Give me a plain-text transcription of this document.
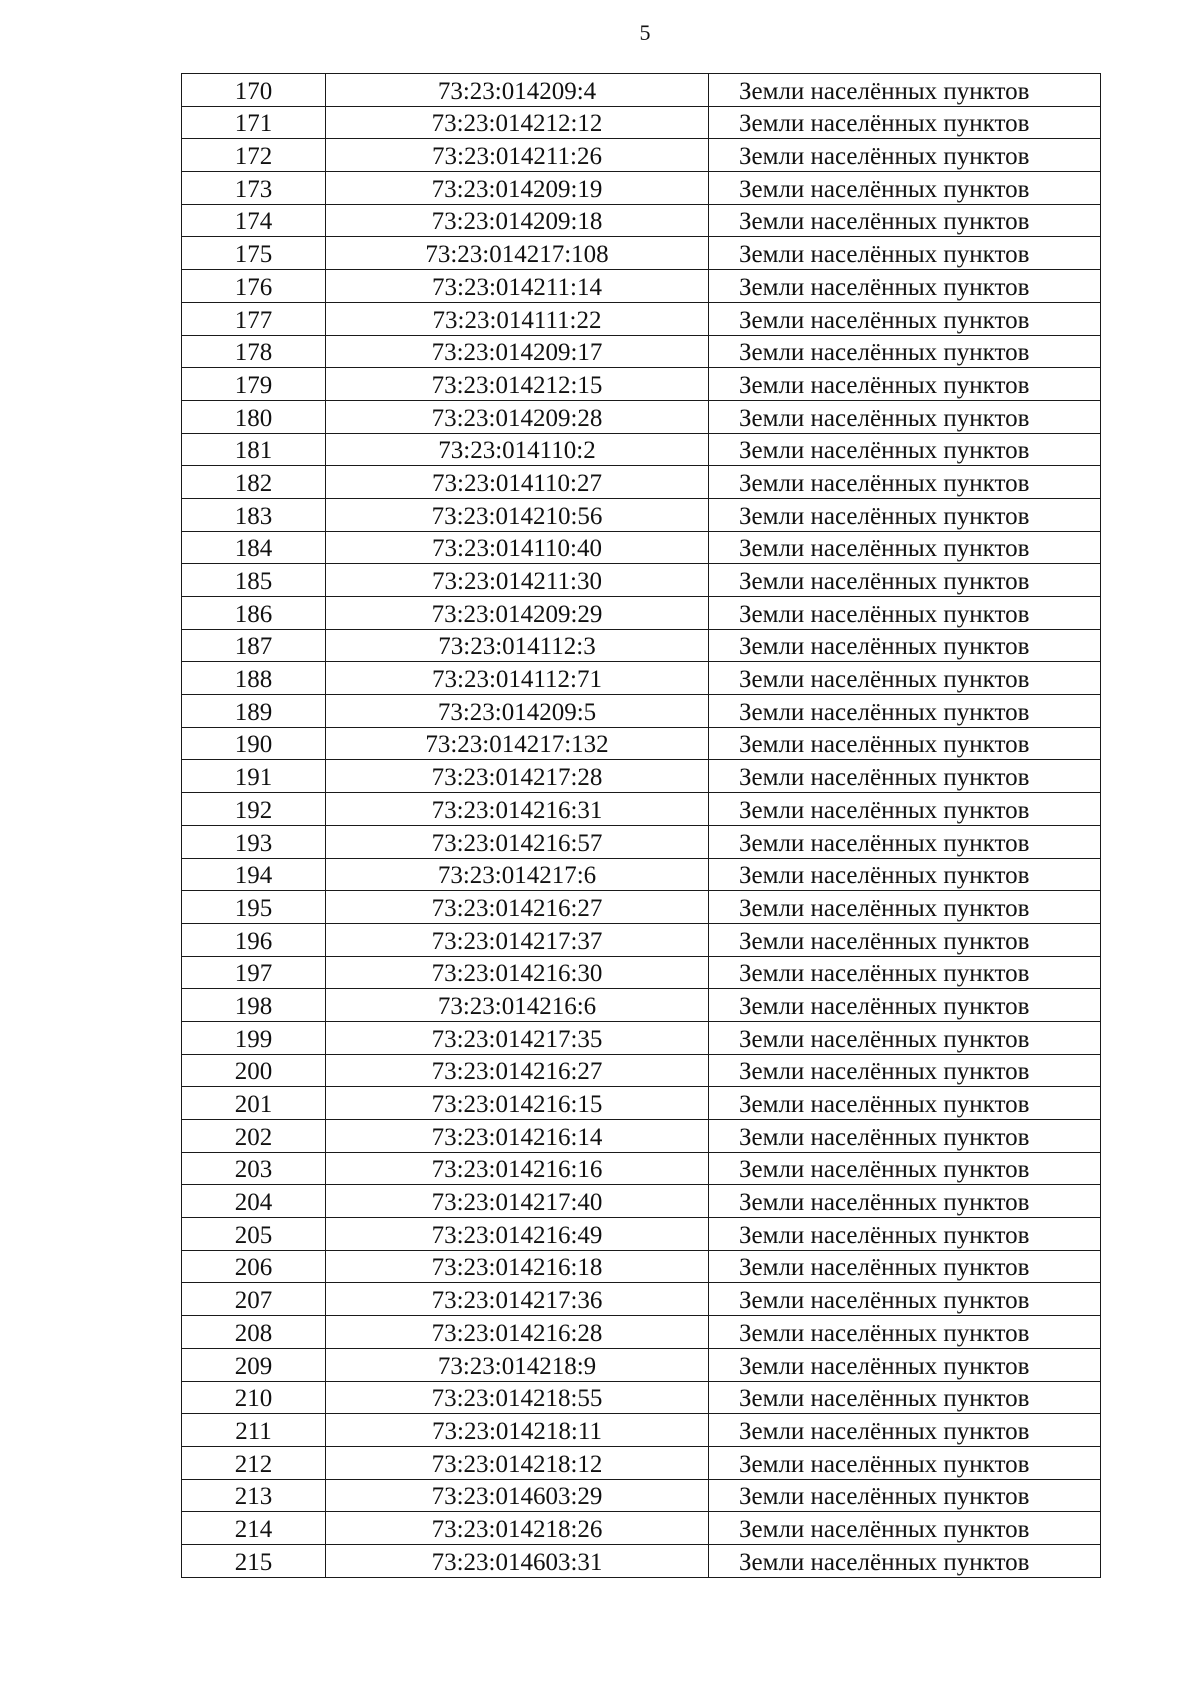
5
170	73:23:014209:4	Земли населённых пунктов
171	73:23:014212:12	Земли населённых пунктов
172	73:23:014211:26	Земли населённых пунктов
173	73:23:014209:19	Земли населённых пунктов
174	73:23:014209:18	Земли населённых пунктов
175	73:23:014217:108	Земли населённых пунктов
176	73:23:014211:14	Земли населённых пунктов
177	73:23:014111:22	Земли населённых пунктов
178	73:23:014209:17	Земли населённых пунктов
179	73:23:014212:15	Земли населённых пунктов
180	73:23:014209:28	Земли населённых пунктов
181	73:23:014110:2	Земли населённых пунктов
182	73:23:014110:27	Земли населённых пунктов
183	73:23:014210:56	Земли населённых пунктов
184	73:23:014110:40	Земли населённых пунктов
185	73:23:014211:30	Земли населённых пунктов
186	73:23:014209:29	Земли населённых пунктов
187	73:23:014112:3	Земли населённых пунктов
188	73:23:014112:71	Земли населённых пунктов
189	73:23:014209:5	Земли населённых пунктов
190	73:23:014217:132	Земли населённых пунктов
191	73:23:014217:28	Земли населённых пунктов
192	73:23:014216:31	Земли населённых пунктов
193	73:23:014216:57	Земли населённых пунктов
194	73:23:014217:6	Земли населённых пунктов
195	73:23:014216:27	Земли населённых пунктов
196	73:23:014217:37	Земли населённых пунктов
197	73:23:014216:30	Земли населённых пунктов
198	73:23:014216:6	Земли населённых пунктов
199	73:23:014217:35	Земли населённых пунктов
200	73:23:014216:27	Земли населённых пунктов
201	73:23:014216:15	Земли населённых пунктов
202	73:23:014216:14	Земли населённых пунктов
203	73:23:014216:16	Земли населённых пунктов
204	73:23:014217:40	Земли населённых пунктов
205	73:23:014216:49	Земли населённых пунктов
206	73:23:014216:18	Земли населённых пунктов
207	73:23:014217:36	Земли населённых пунктов
208	73:23:014216:28	Земли населённых пунктов
209	73:23:014218:9	Земли населённых пунктов
210	73:23:014218:55	Земли населённых пунктов
211	73:23:014218:11	Земли населённых пунктов
212	73:23:014218:12	Земли населённых пунктов
213	73:23:014603:29	Земли населённых пунктов
214	73:23:014218:26	Земли населённых пунктов
215	73:23:014603:31	Земли населённых пунктов
